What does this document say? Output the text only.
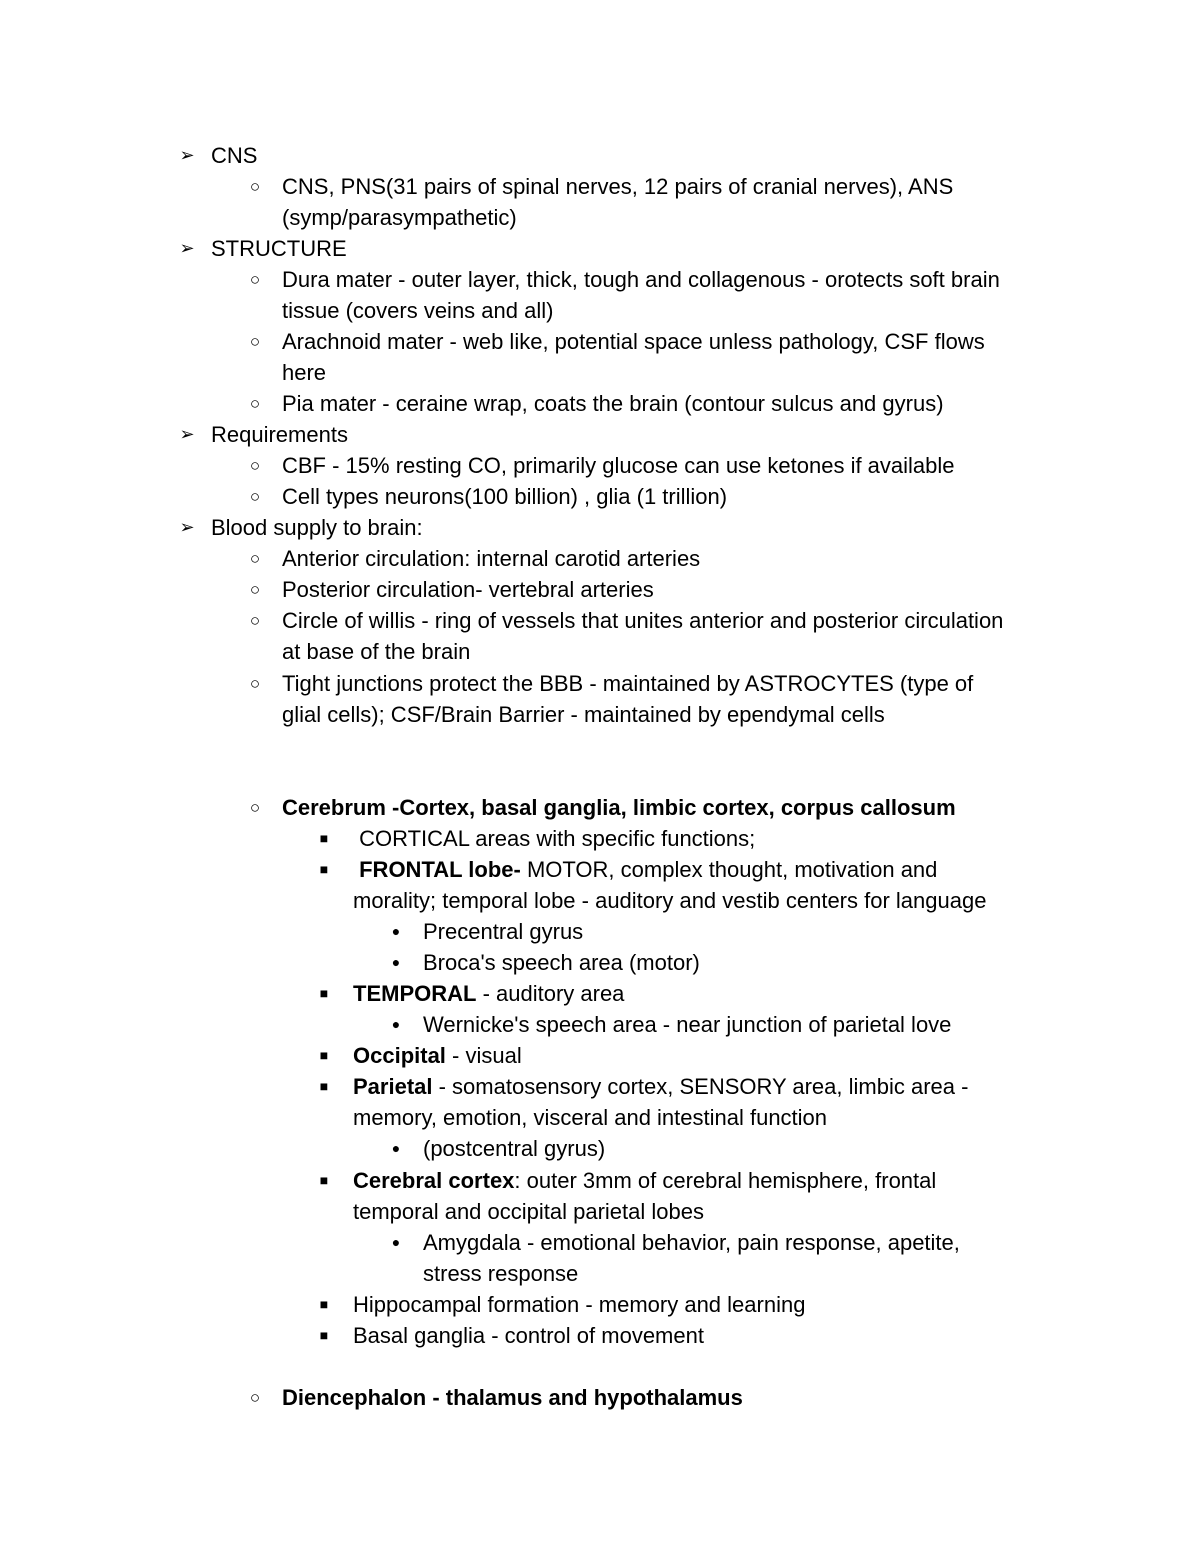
➢ CNS
○ CNS, PNS(31 pairs of spinal nerves, 12 pairs of cranial nerves), ANS
(symp/parasympathetic)
➢ STRUCTURE
○ Dura mater - outer layer, thick, tough and collagenous - orotects soft brain
tissue (covers veins and all)
○ Arachnoid mater - web like, potential space unless pathology, CSF flows
here
○ Pia mater - ceraine wrap, coats the brain (contour sulcus and gyrus)
➢ Requirements
○ CBF - 15% resting CO, primarily glucose can use ketones if available
○ Cell types neurons(100 billion) , glia (1 trillion)
➢ Blood supply to brain:
○ Anterior circulation: internal carotid arteries
○ Posterior circulation- vertebral arteries
○ Circle of willis - ring of vessels that unites anterior and posterior circulation
at base of the brain
○ Tight junctions protect the BBB - maintained by ASTROCYTES (type of
glial cells); CSF/Brain Barrier - maintained by ependymal cells
○ Cerebrum -Cortex, basal ganglia, limbic cortex, corpus callosum
■	CORTICAL areas with specific functions;
■	FRONTAL lobe- MOTOR, complex thought, motivation and
morality; temporal lobe - auditory and vestib centers for language
●	Precentral gyrus
●	Broca's speech area (motor)
■	TEMPORAL - auditory area
●	Wernicke's speech area - near junction of parietal love
■	Occipital - visual
■	Parietal - somatosensory cortex, SENSORY area, limbic area -
memory, emotion, visceral and intestinal function
●	(postcentral gyrus)
■	Cerebral cortex: outer 3mm of cerebral hemisphere, frontal
temporal and occipital parietal lobes
●	Amygdala - emotional behavior, pain response, apetite,
stress response
■	Hippocampal formation - memory and learning
■	Basal ganglia - control of movement
○ Diencephalon - thalamus and hypothalamus
